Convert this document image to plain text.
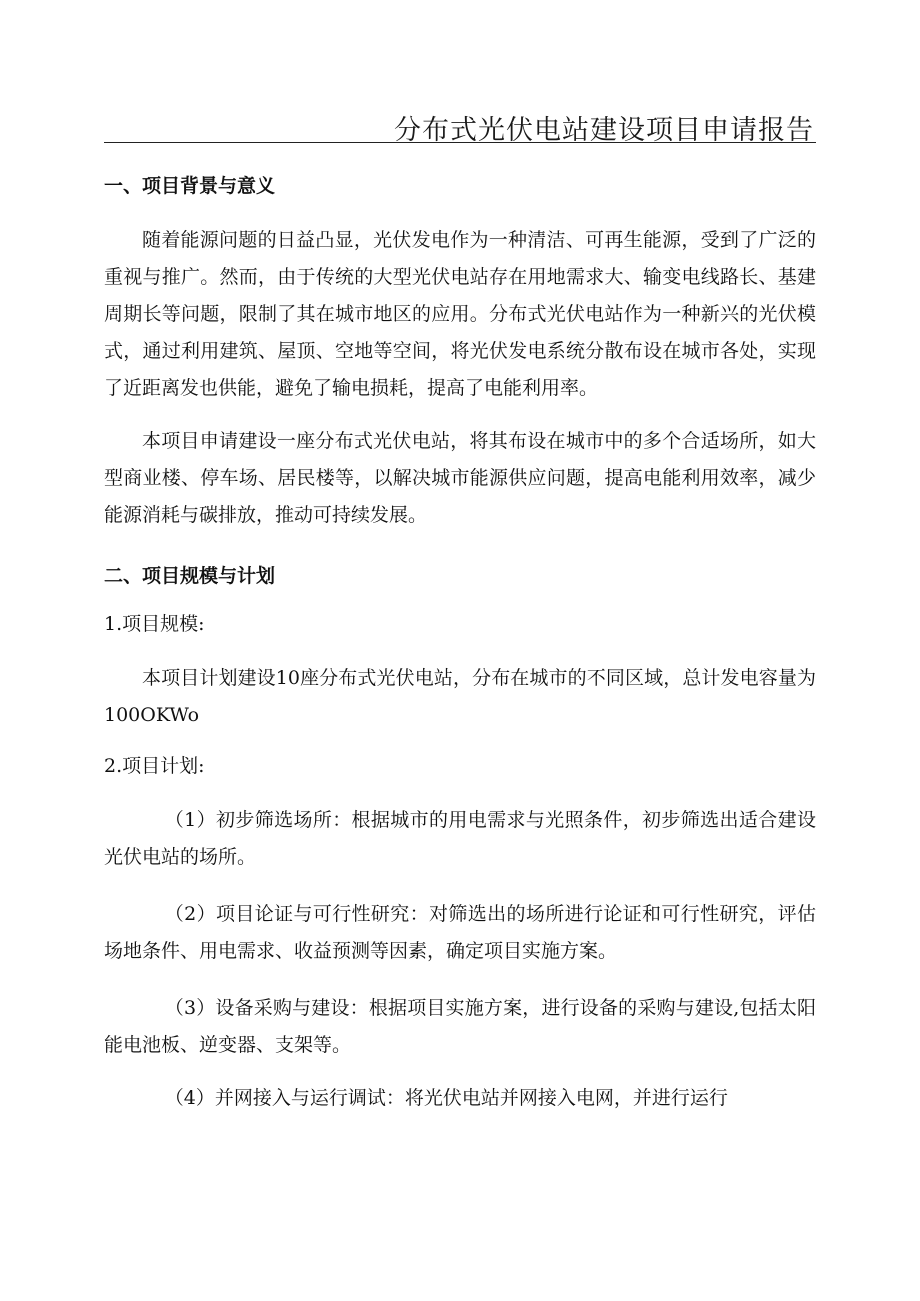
分布式光伏电站建设项目申请报告
一、项目背景与意义

随着能源问题的日益凸显，光伏发电作为一种清洁、可再生能源，受到了广泛的重视与推广。然而，由于传统的大型光伏电站存在用地需求大、输变电线路长、基建周期长等问题，限制了其在城市地区的应用。分布式光伏电站作为一种新兴的光伏模式，通过利用建筑、屋顶、空地等空间，将光伏发电系统分散布设在城市各处，实现了近距离发也供能，避免了输电损耗，提高了电能利用率。

本项目申请建设一座分布式光伏电站，将其布设在城市中的多个合适场所，如大型商业楼、停车场、居民楼等，以解决城市能源供应问题，提高电能利用效率，减少能源消耗与碳排放，推动可持续发展。

二、项目规模与计划

1.项目规模:

本项目计划建设10座分布式光伏电站，分布在城市的不同区域，总计发电容量为100OKWo

2.项目计划:

（1）初步筛选场所：根据城市的用电需求与光照条件，初步筛选出适合建设光伏电站的场所。

（2）项目论证与可行性研究：对筛选出的场所进行论证和可行性研究，评估场地条件、用电需求、收益预测等因素，确定项目实施方案。

（3）设备采购与建设：根据项目实施方案，进行设备的采购与建设,包括太阳能电池板、逆变器、支架等。

（4）并网接入与运行调试：将光伏电站并网接入电网，并进行运行
